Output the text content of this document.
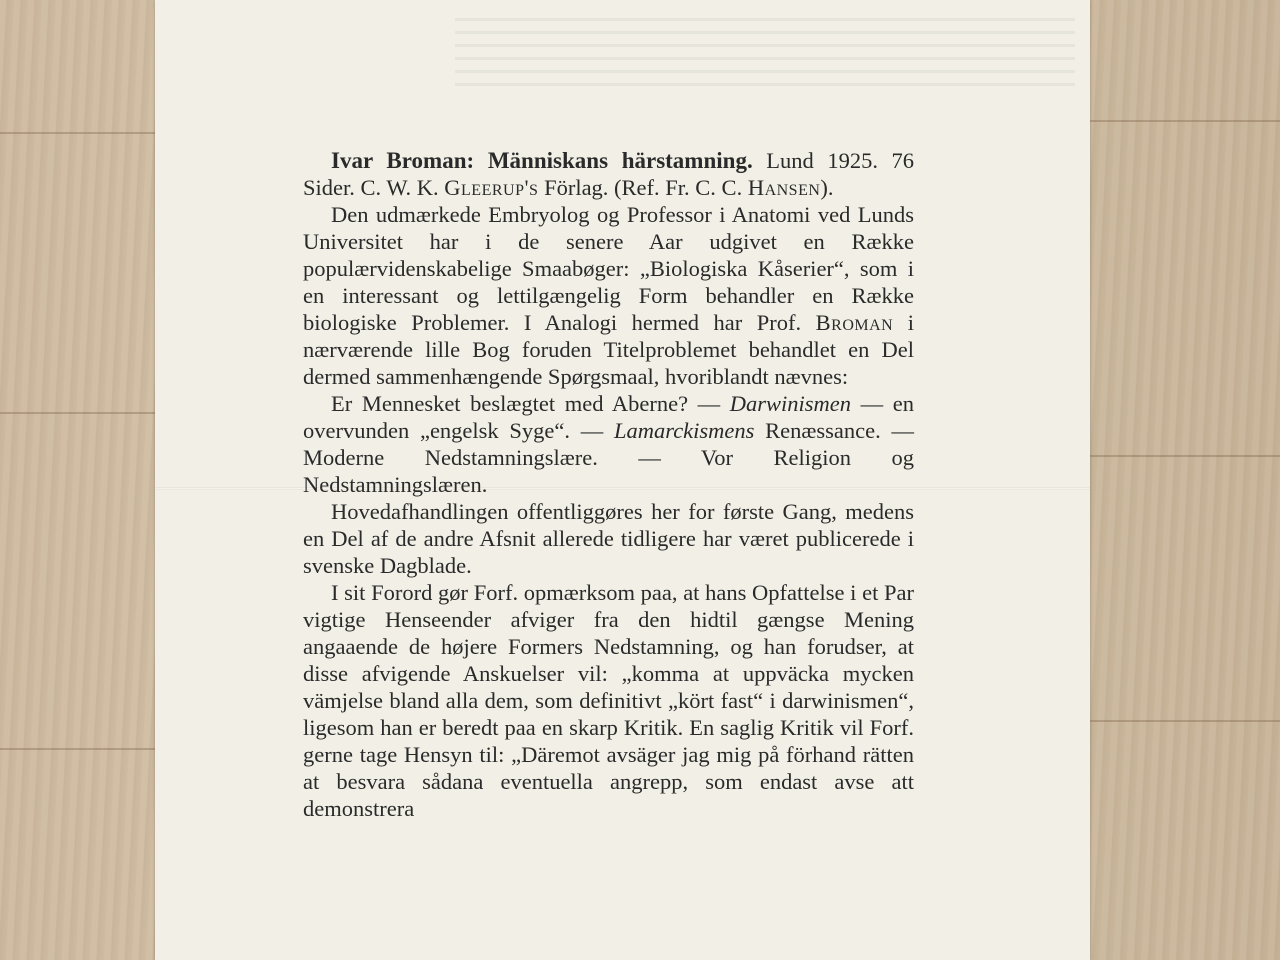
Ivar Broman: Människans härstamning. Lund 1925. 76 Sider. C. W. K. Gleerup's Förlag. (Ref. Fr. C. C. Hansen).

Den udmærkede Embryolog og Professor i Anatomi ved Lunds Universitet har i de senere Aar udgivet en Række populærvidenskabelige Smaabøger: „Biologiska Kåserier“, som i en interessant og lettilgængelig Form behandler en Række biologiske Problemer. I Analogi hermed har Prof. Broman i nærværende lille Bog foruden Titelproblemet behandlet en Del dermed sammenhængende Spørgsmaal, hvoriblandt nævnes:

Er Mennesket beslægtet med Aberne? — Darwinismen — en overvunden „engelsk Syge“. — Lamarckismens Renæssance. — Moderne Nedstamningslære. — Vor Religion og Nedstamningslæren.

Hovedafhandlingen offentliggøres her for første Gang, medens en Del af de andre Afsnit allerede tidligere har været publicerede i svenske Dagblade.

I sit Forord gør Forf. opmærksom paa, at hans Opfattelse i et Par vigtige Henseender afviger fra den hidtil gængse Mening angaaende de højere Formers Nedstamning, og han forudser, at disse afvigende Anskuelser vil: „komma at uppväcka mycken vämjelse bland alla dem, som definitivt „kört fast“ i darwinismen“, ligesom han er beredt paa en skarp Kritik. En saglig Kritik vil Forf. gerne tage Hensyn til: „Däremot avsäger jag mig på förhand rätten at besvara sådana eventuella angrepp, som endast avse att demonstrera
